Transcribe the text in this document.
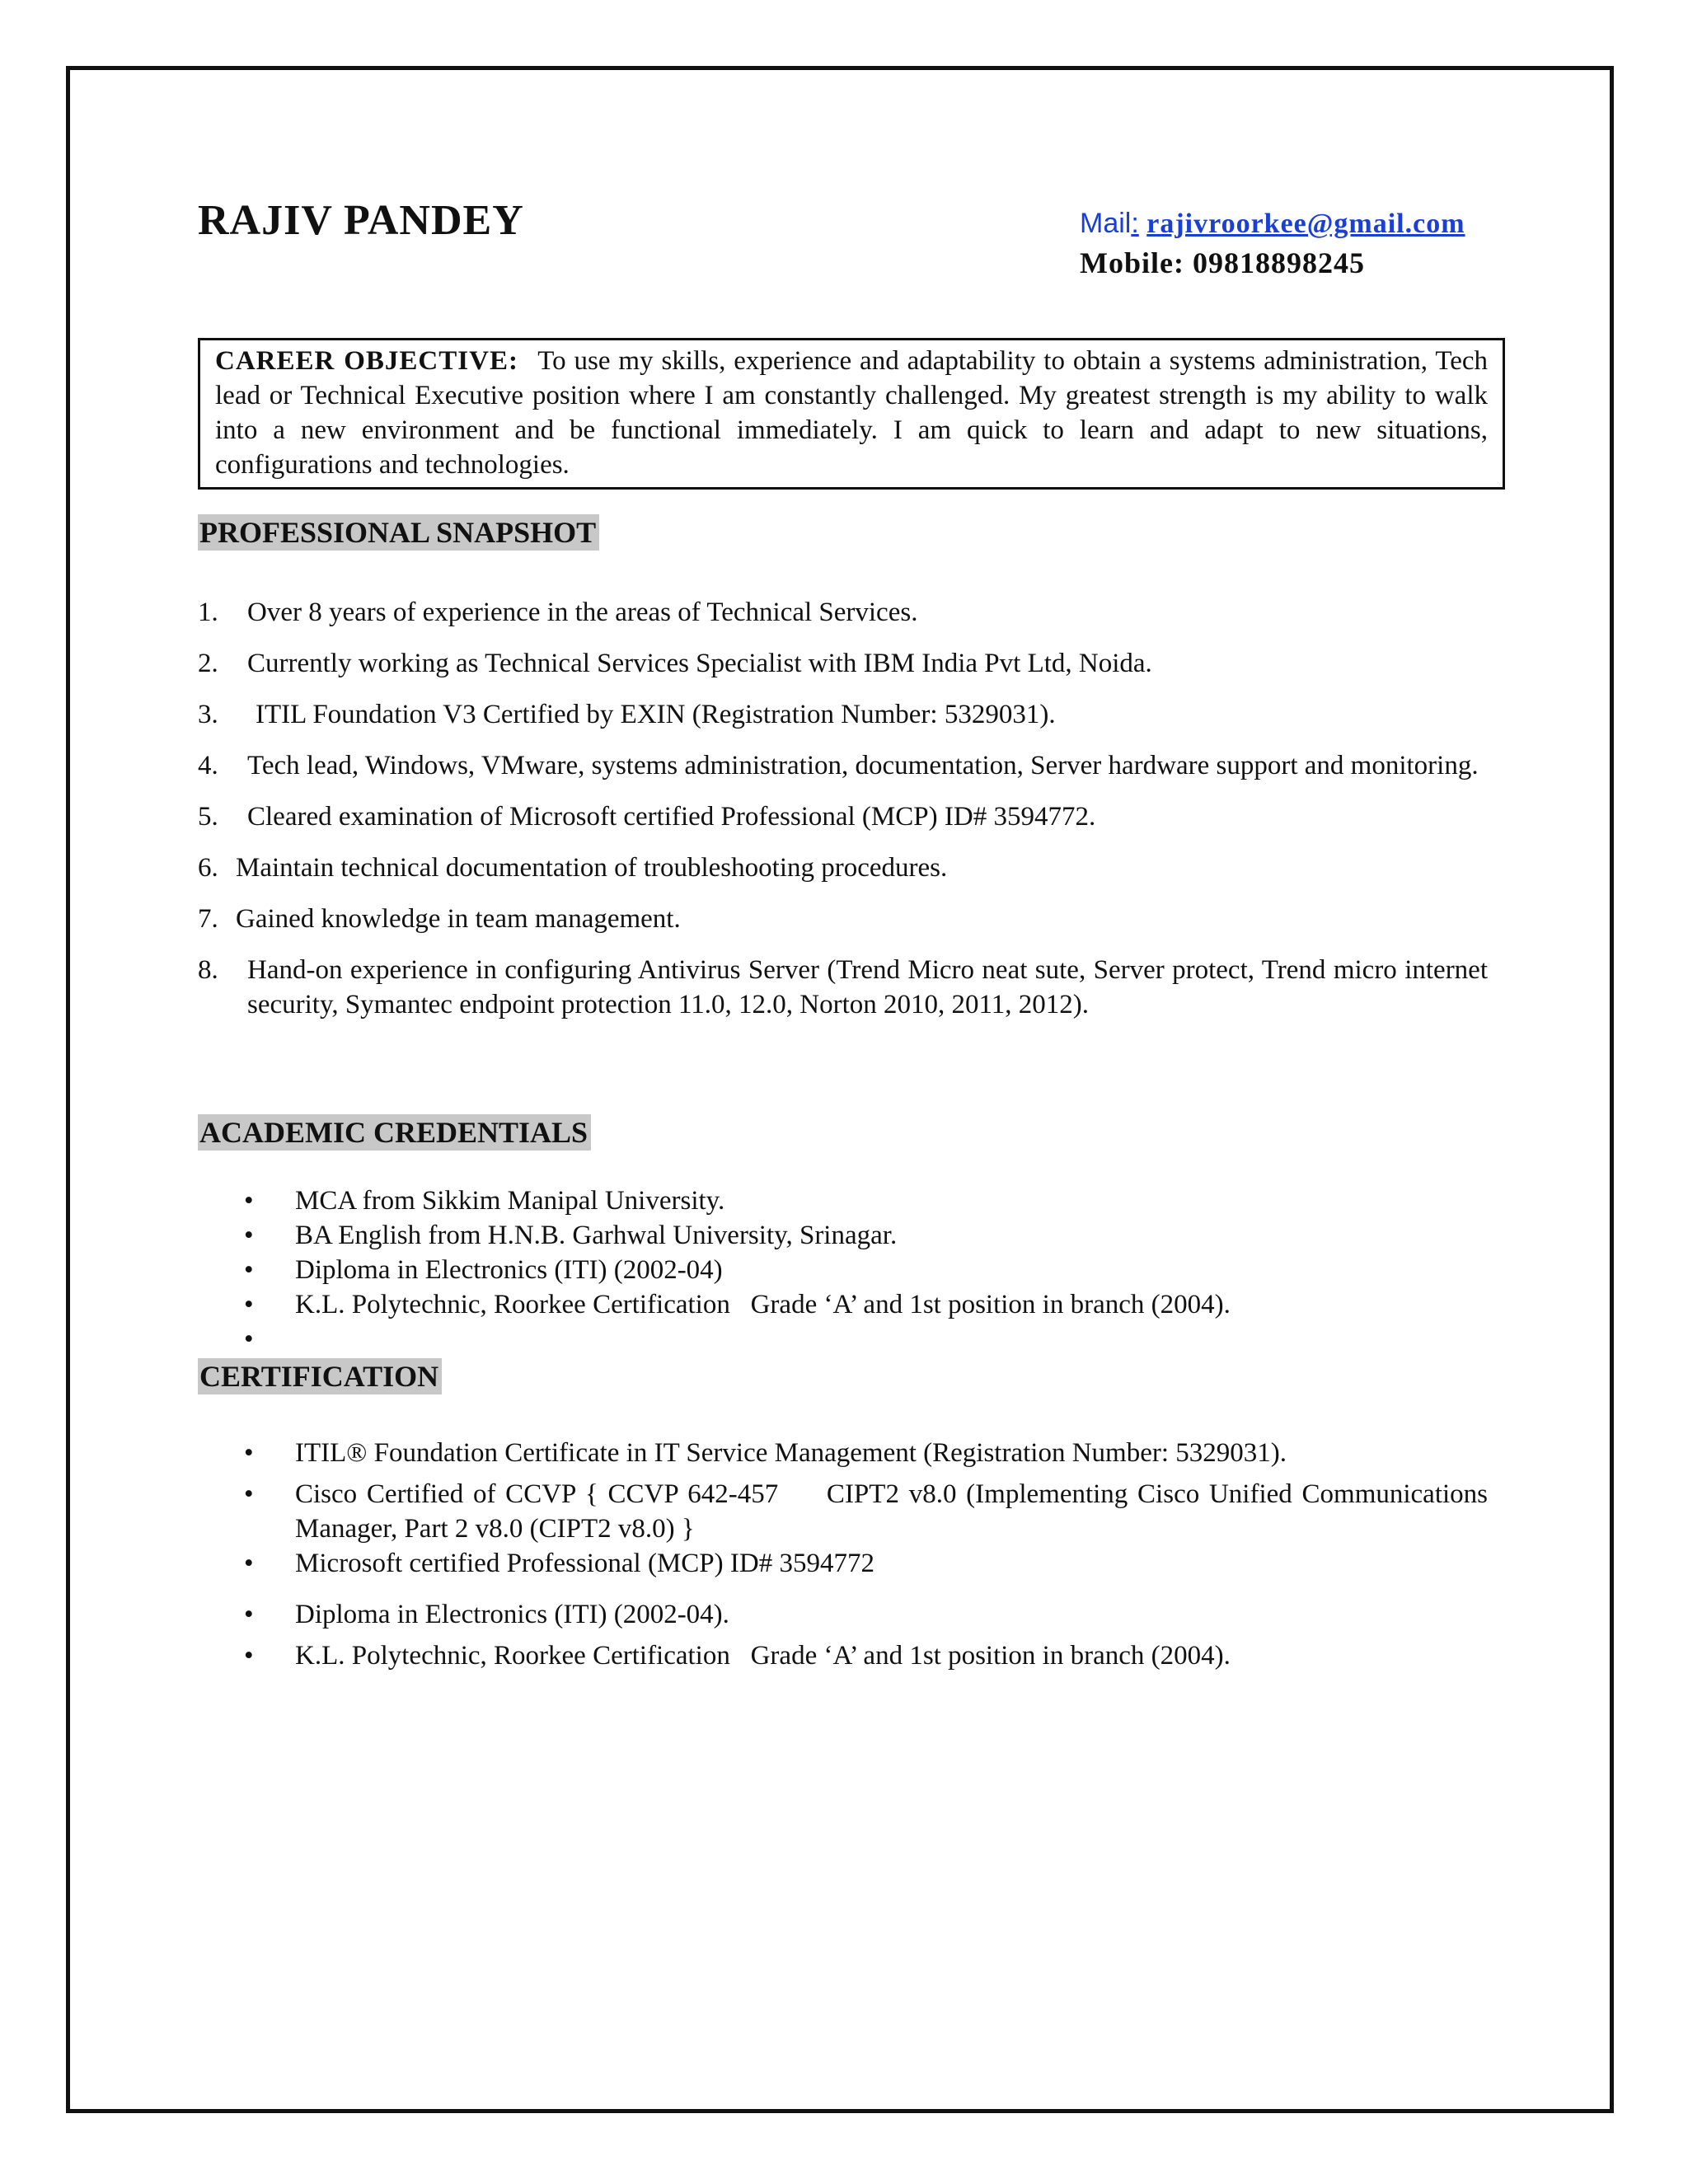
RAJIV PANDEY	Mail: rajivroorkee@gmail.com
Mobile: 09818898245
CAREER OBJECTIVE: To use my skills, experience and adaptability to obtain a systems administration, Tech lead or Technical Executive position where I am constantly challenged. My greatest strength is my ability to walk into a new environment and be functional immediately. I am quick to learn and adapt to new situations, configurations and technologies.
PROFESSIONAL SNAPSHOT
1. Over 8 years of experience in the areas of Technical Services.
2. Currently working as Technical Services Specialist with IBM India Pvt Ltd, Noida.
3. ITIL Foundation V3 Certified by EXIN (Registration Number: 5329031).
4. Tech lead, Windows, VMware, systems administration, documentation, Server hardware support and monitoring.
5. Cleared examination of Microsoft certified Professional (MCP) ID# 3594772.
6. Maintain technical documentation of troubleshooting procedures.
7. Gained knowledge in team management.
8. Hand-on experience in configuring Antivirus Server (Trend Micro neat sute, Server protect, Trend micro internet security, Symantec endpoint protection 11.0, 12.0, Norton 2010, 2011, 2012).
ACADEMIC CREDENTIALS
• MCA from Sikkim Manipal University.
• BA English from H.N.B. Garhwal University, Srinagar.
• Diploma in Electronics (ITI) (2002-04)
• K.L. Polytechnic, Roorkee Certification   Grade ‘A’ and 1st position in branch (2004).
•
CERTIFICATION
• ITIL® Foundation Certificate in IT Service Management (Registration Number: 5329031).
• Cisco Certified of CCVP { CCVP 642-457     CIPT2 v8.0 (Implementing Cisco Unified Communications Manager, Part 2 v8.0 (CIPT2 v8.0) }
• Microsoft certified Professional (MCP) ID# 3594772
• Diploma in Electronics (ITI) (2002-04).
• K.L. Polytechnic, Roorkee Certification   Grade ‘A’ and 1st position in branch (2004).
